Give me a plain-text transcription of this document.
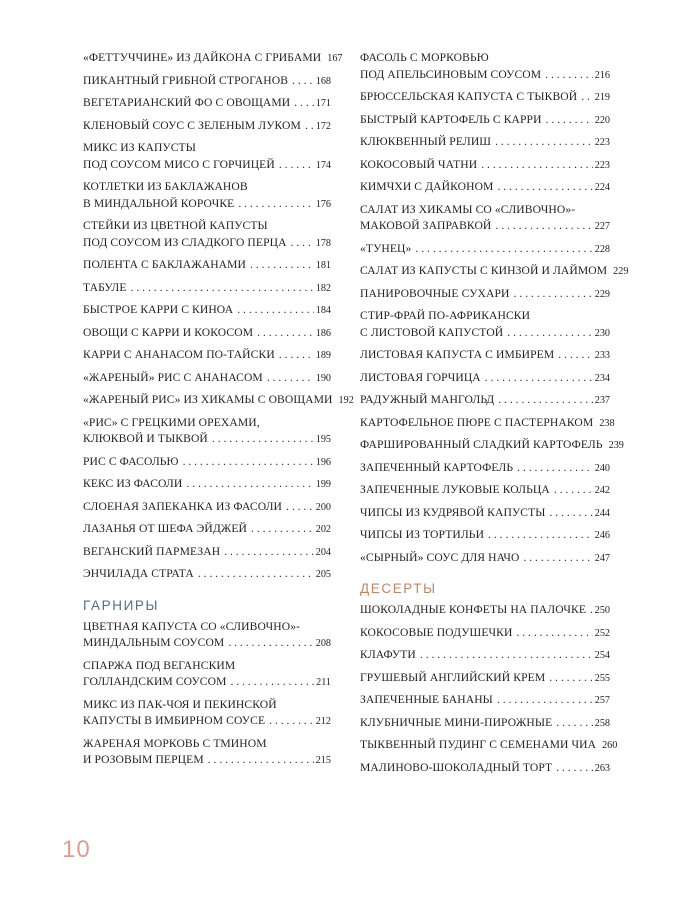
«ФЕТТУЧЧИНЕ» ИЗ ДАЙКОНА С ГРИБАМИ 167
ПИКАНТНЫЙ ГРИБНОЙ СТРОГАНОВ . . .	168
ВЕГЕТАРИАНСКИЙ ФО С ОВОЩАМИ . . . 171
КЛЕНОВЫЙ СОУС С ЗЕЛЕНЫМ ЛУКОМ . . . 172
МИКС ИЗ КАПУСТЫ
ПОД СОУСОМ МИСО С ГОРЧИЦЕЙ . . .	174
КОТЛЕТКИ ИЗ БАКЛАЖАНОВ
В МИНДАЛЬНОЙ КОРОЧКЕ . . .	176
СТЕЙКИ ИЗ ЦВЕТНОЙ КАПУСТЫ
ПОД СОУСОМ ИЗ СЛАДКОГО ПЕРЦА . . .	178
ПОЛЕНТА С БАКЛАЖАНАМИ . . .	181
ТАБУЛЕ . . .	182
БЫСТРОЕ КАРРИ С КИНОА . . .	184
ОВОЩИ С КАРРИ И КОКОСОМ . . .	186
КАРРИ С АНАНАСОМ ПО-ТАЙСКИ . . .	189
«ЖАРЕНЫЙ» РИС С АНАНАСОМ . . .	190
«ЖАРЕНЫЙ РИС» ИЗ ХИКАМЫ С ОВОЩАМИ 192
«РИС» С ГРЕЦКИМИ ОРЕХАМИ,
КЛЮКВОЙ И ТЫКВОЙ . . .	195
РИС С ФАСОЛЬЮ . . .	196
КЕКС ИЗ ФАСОЛИ . . .	199
СЛОЕНАЯ ЗАПЕКАНКА ИЗ ФАСОЛИ . . .	200
ЛАЗАНЬЯ ОТ ШЕФА ЭЙДЖЕЙ . . .	202
ВЕГАНСКИЙ ПАРМЕЗАН . . .	204
ЭНЧИЛАДА СТРАТА . . .	205
ГАРНИРЫ
ЦВЕТНАЯ КАПУСТА СО «СЛИВОЧНО»-
МИНДАЛЬНЫМ СОУСОМ . . .	208
СПАРЖА ПОД ВЕГАНСКИМ
ГОЛЛАНДСКИМ СОУСОМ . . .	211
МИКС ИЗ ПАК-ЧОЯ И ПЕКИНСКОЙ
КАПУСТЫ В ИМБИРНОМ СОУСЕ . . .	212
ЖАРЕНАЯ МОРКОВЬ С ТМИНОМ
И РОЗОВЫМ ПЕРЦЕМ . . .	215
ФАСОЛЬ С МОРКОВЬЮ
ПОД АПЕЛЬСИНОВЫМ СОУСОМ . . .	216
БРЮССЕЛЬСКАЯ КАПУСТА С ТЫКВОЙ . . . 219
БЫСТРЫЙ КАРТОФЕЛЬ С КАРРИ . . .	220
КЛЮКВЕННЫЙ РЕЛИШ . . .	223
КОКОСОВЫЙ ЧАТНИ . . .	223
КИМЧХИ С ДАЙКОНОМ . . .	224
САЛАТ ИЗ ХИКАМЫ СО «СЛИВОЧНО»-
МАКОВОЙ ЗАПРАВКОЙ . . .	227
«ТУНЕЦ» . . .	228
САЛАТ ИЗ КАПУСТЫ С КИНЗОЙ И ЛАЙМОМ 229
ПАНИРОВОЧНЫЕ СУХАРИ . . .	229
СТИР-ФРАЙ ПО-АФРИКАНСКИ
С ЛИСТОВОЙ КАПУСТОЙ . . .	230
ЛИСТОВАЯ КАПУСТА С ИМБИРЕМ . . .	233
ЛИСТОВАЯ ГОРЧИЦА . . .	234
РАДУЖНЫЙ МАНГОЛЬД . . .	237
КАРТОФЕЛЬНОЕ ПЮРЕ С ПАСТЕРНАКОМ 238
ФАРШИРОВАННЫЙ СЛАДКИЙ КАРТОФЕЛЬ 239
ЗАПЕЧЕННЫЙ КАРТОФЕЛЬ . . .	240
ЗАПЕЧЕННЫЕ ЛУКОВЫЕ КОЛЬЦА . . .	242
ЧИПСЫ ИЗ КУДРЯВОЙ КАПУСТЫ . . .	244
ЧИПСЫ ИЗ ТОРТИЛЬИ . . .	246
«СЫРНЫЙ» СОУС ДЛЯ НАЧО . . .	247
ДЕСЕРТЫ
ШОКОЛАДНЫЕ КОНФЕТЫ НА ПАЛОЧКЕ . . . 250
КОКОСОВЫЕ ПОДУШЕЧКИ . . .	252
КЛАФУТИ . . .	254
ГРУШЕВЫЙ АНГЛИЙСКИЙ КРЕМ . . .	255
ЗАПЕЧЕННЫЕ БАНАНЫ . . .	257
КЛУБНИЧНЫЕ МИНИ-ПИРОЖНЫЕ . . .	258
ТЫКВЕННЫЙ ПУДИНГ С СЕМЕНАМИ ЧИА 260
МАЛИНОВО-ШОКОЛАДНЫЙ ТОРТ . . .	263
10
